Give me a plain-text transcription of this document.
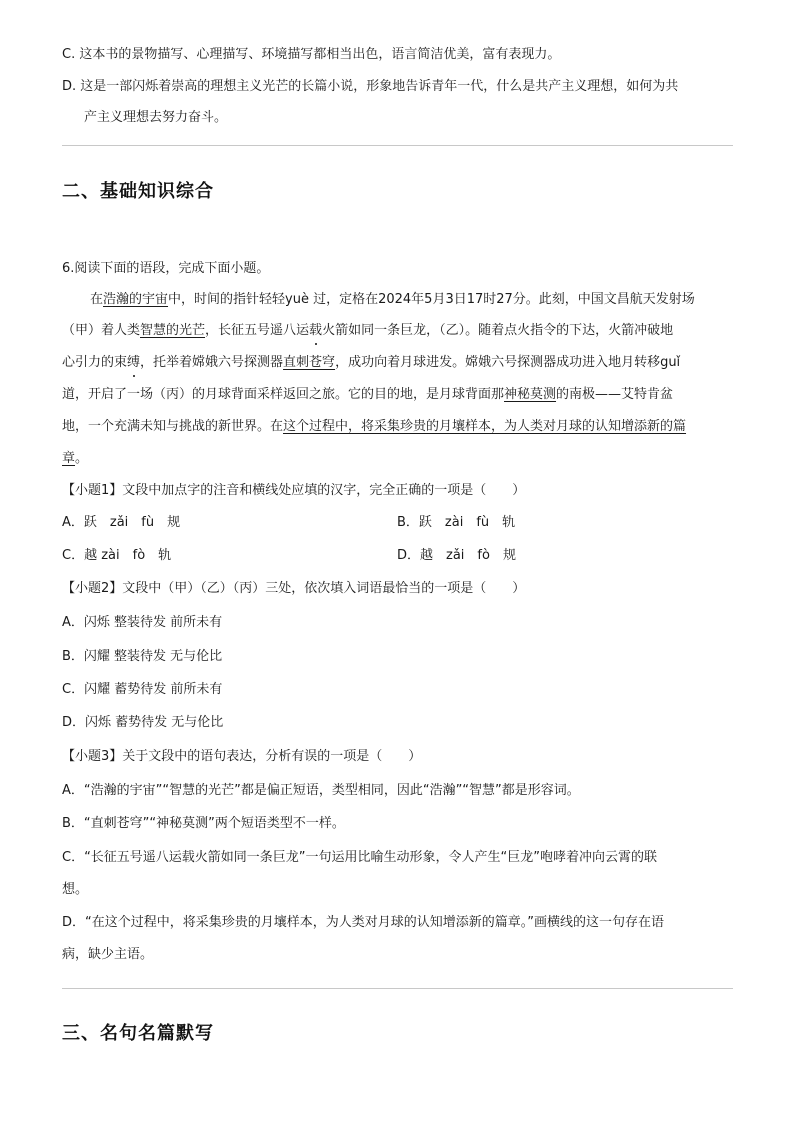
C. 这本书的景物描写、心理描写、环境描写都相当出色，语言简洁优美，富有表现力。
D. 这是一部闪烁着崇高的理想主义光芒的长篇小说，形象地告诉青年一代，什么是共产主义理想，如何为共
产主义理想去努力奋斗。
二、基础知识综合
6.阅读下面的语段，完成下面小题。
在浩瀚的宇宙中，时间的指针轻轻yuè 过，定格在2024年5月3日17时27分。此刻，中国文昌航天发射场
（甲）着人类智慧的光芒，长征五号遥八运载火箭如同一条巨龙，（乙）。随着点火指令的下达，火箭冲破地
心引力的束缚，托举着嫦娥六号探测器直刺苍穹，成功向着月球进发。嫦娥六号探测器成功进入地月转移guǐ
道，开启了一场（丙）的月球背面采样返回之旅。它的目的地，是月球背面那神秘莫测的南极——艾特肯盆
地，一个充满未知与挑战的新世界。在这个过程中，将采集珍贵的月壤样本，为人类对月球的认知增添新的篇
章。
【小题1】文段中加点字的注音和横线处应填的汉字，完全正确的一项是（　　）
A．跃　zǎi　fù　规	B．跃　zài　fù　轨
C．越 zài　fò　轨	D．越　zǎi　fò　规
【小题2】文段中（甲）（乙）（丙）三处，依次填入词语最恰当的一项是（　　）
A．闪烁 整装待发 前所未有
B．闪耀 整装待发 无与伦比
C．闪耀 蓄势待发 前所未有
D．闪烁 蓄势待发 无与伦比
【小题3】关于文段中的语句表达，分析有误的一项是（　　）
A．“浩瀚的宇宙”“智慧的光芒”都是偏正短语，类型相同，因此“浩瀚”“智慧”都是形容词。
B．“直刺苍穹”“神秘莫测”两个短语类型不一样。
C．“长征五号遥八运载火箭如同一条巨龙”一句运用比喻生动形象，令人产生“巨龙”咆哮着冲向云霄的联
想。
D．“在这个过程中，将采集珍贵的月壤样本，为人类对月球的认知增添新的篇章。”画横线的这一句存在语
病，缺少主语。
三、名句名篇默写
